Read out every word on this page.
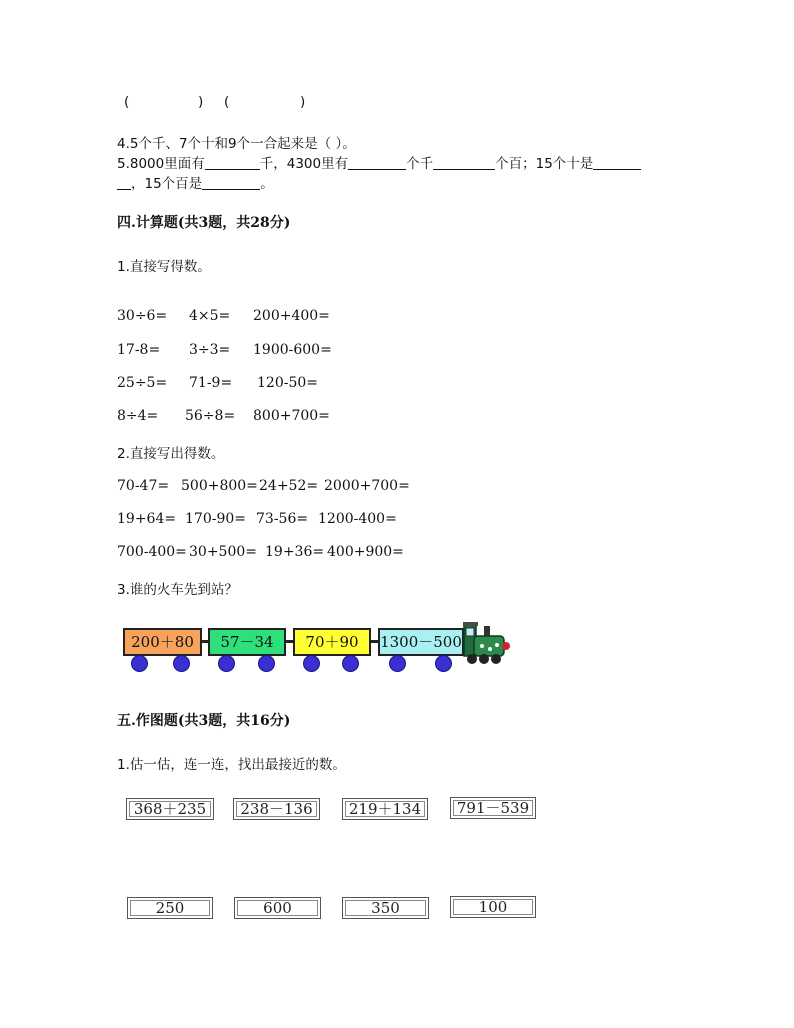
(	) (	)
4.5个千、7个十和9个一合起来是（ ）。
5.8000里面有	千，4300里有	个千	个百；15个十是
，15个百是	。
四.计算题(共3题，共28分)
1.直接写得数。
30÷6= 4×5= 200+400=
17-8= 3÷3= 1900-600=
25÷5= 71-9= 120-50=
8÷4= 56÷8= 800+700=
2.直接写出得数。
70-47= 500+800= 24+52= 2000+700=
19+64= 170-90= 73-56= 1200-400=
700-400= 30+500= 19+36= 400+900=
3.谁的火车先到站？
200＋80	57－34	70＋90	1300－500
五.作图题(共3题，共16分)
1.估一估，连一连，找出最接近的数。
368＋235	238－136	219＋134	791－539
250	600	350	100
